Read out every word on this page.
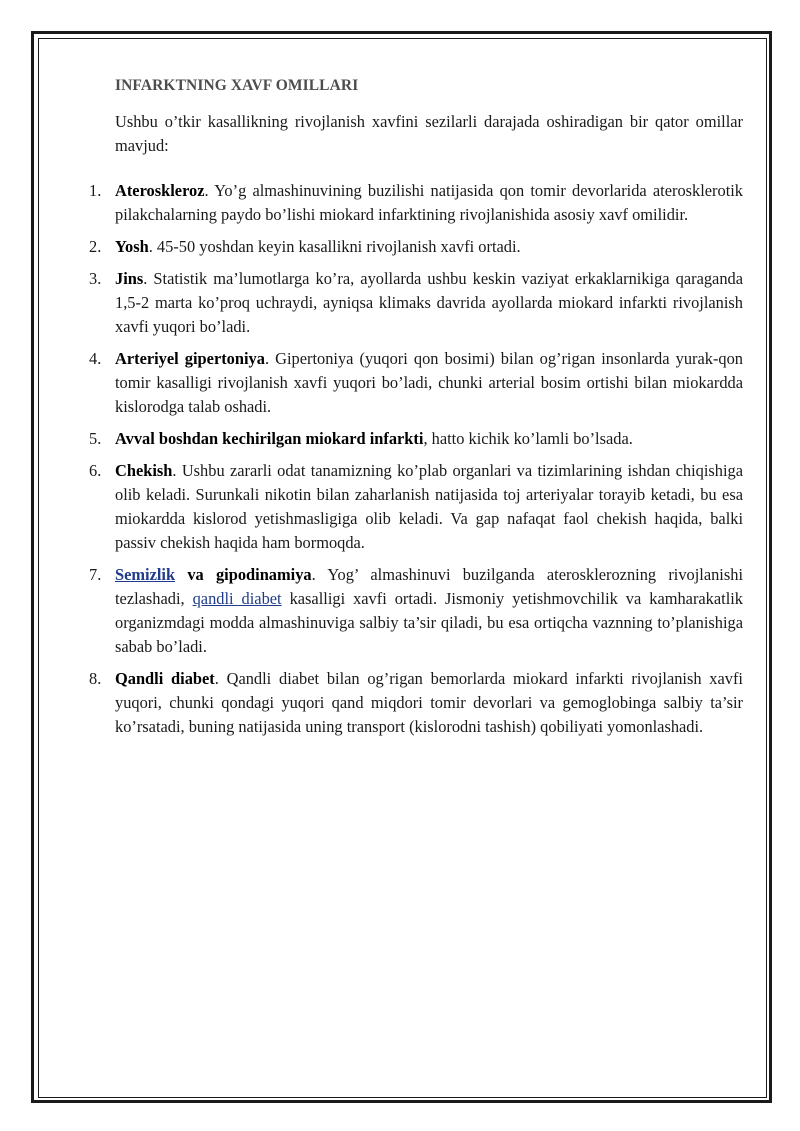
INFARKTNING XAVF OMILLARI

Ushbu o’tkir kasallikning rivojlanish xavfini sezilarli darajada oshiradigan bir qator omillar mavjud:

1. Ateroskleroz. Yo’g almashinuvining buzilishi natijasida qon tomir devorlarida aterosklerotik pilakchalarning paydo bo’lishi miokard infarktining rivojlanishida asosiy xavf omilidir.
2. Yosh. 45-50 yoshdan keyin kasallikni rivojlanish xavfi ortadi.
3. Jins. Statistik ma’lumotlarga ko’ra, ayollarda ushbu keskin vaziyat erkaklarnikiga qaraganda 1,5-2 marta ko’proq uchraydi, ayniqsa klimaks davrida ayollarda miokard infarkti rivojlanish xavfi yuqori bo’ladi.
4. Arteriyel gipertoniya. Gipertoniya (yuqori qon bosimi) bilan og’rigan insonlarda yurak-qon tomir kasalligi rivojlanish xavfi yuqori bo’ladi, chunki arterial bosim ortishi bilan miokardda kislorodga talab oshadi.
5. Avval boshdan kechirilgan miokard infarkti, hatto kichik ko’lamli bo’lsada.
6. Chekish. Ushbu zararli odat tanamizning ko’plab organlari va tizimlarining ishdan chiqishiga olib keladi. Surunkali nikotin bilan zaharlanish natijasida toj arteriyalar torayib ketadi, bu esa miokardda kislorod yetishmasligiga olib keladi. Va gap nafaqat faol chekish haqida, balki passiv chekish haqida ham bormoqda.
7. Semizlik va gipodinamiya. Yog’ almashinuvi buzilganda aterosklerozning rivojlanishi tezlashadi, qandli diabet kasalligi xavfi ortadi. Jismoniy yetishmovchilik va kamharakatlik organizmdagi modda almashinuviga salbiy ta’sir qiladi, bu esa ortiqcha vaznning to’planishiga sabab bo’ladi.
8. Qandli diabet. Qandli diabet bilan og’rigan bemorlarda miokard infarkti rivojlanish xavfi yuqori, chunki qondagi yuqori qand miqdori tomir devorlari va gemoglobinga salbiy ta’sir ko’rsatadi, buning natijasida uning transport (kislorodni tashish) qobiliyati yomonlashadi.
